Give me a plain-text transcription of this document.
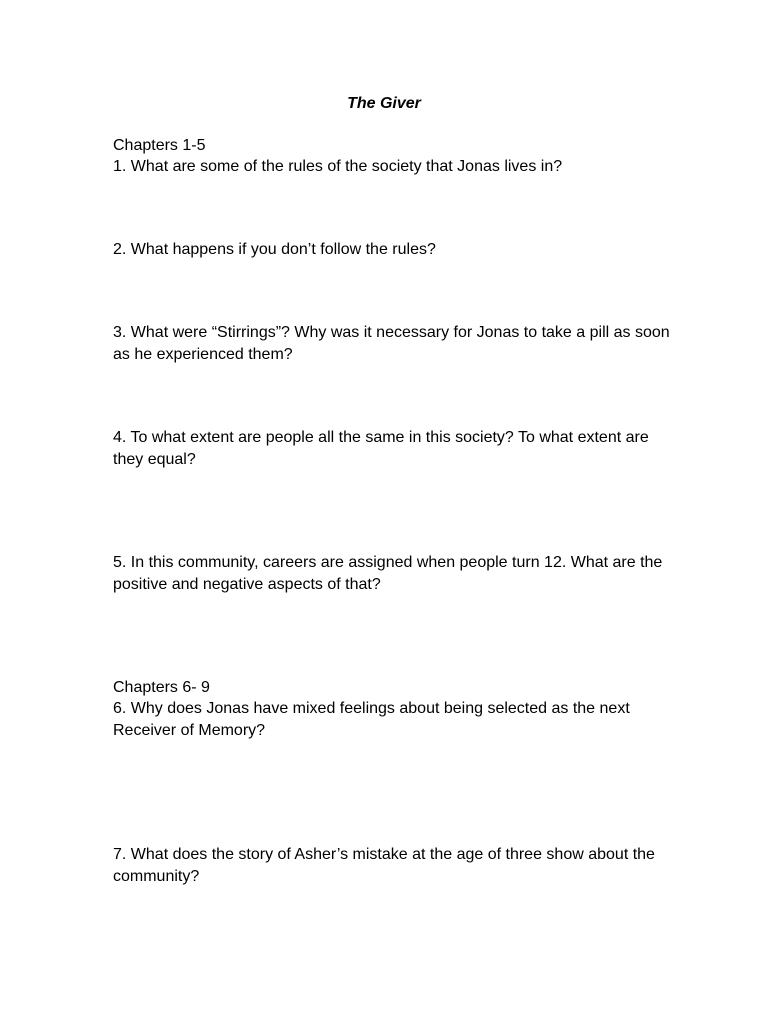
The Giver
Chapters 1-5
1. What are some of the rules of the society that Jonas lives in?
2. What happens if you don’t follow the rules?
3. What were “Stirrings”? Why was it necessary for Jonas to take a pill as soon as he experienced them?
4. To what extent are people all the same in this society? To what extent are they equal?
5. In this community, careers are assigned when people turn 12. What are the positive and negative aspects of that?
Chapters 6- 9
6. Why does Jonas have mixed feelings about being selected as the next Receiver of Memory?
7. What does the story of Asher’s mistake at the age of three show about the community?
